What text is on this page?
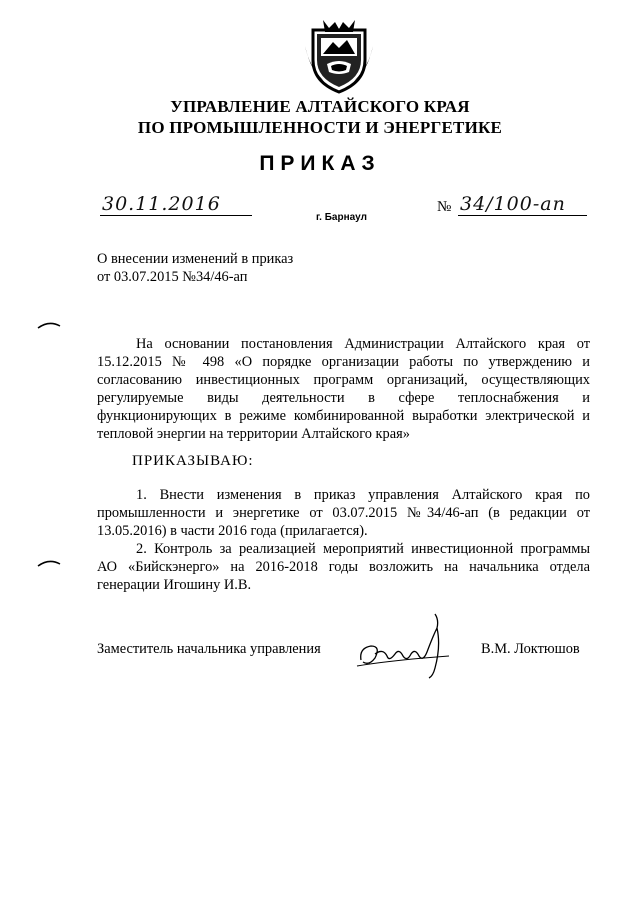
УПРАВЛЕНИЕ АЛТАЙСКОГО КРАЯ
ПО ПРОМЫШЛЕННОСТИ И ЭНЕРГЕТИКЕ
ПРИКАЗ
30.11.2016
г. Барнаул
№ 34/100-ап
О внесении изменений в приказ
от 03.07.2015 №34/46-ап

На основании постановления Администрации Алтайского края от 15.12.2015 № 498 «О порядке организации работы по утверждению и согласованию инвестиционных программ организаций, осуществляющих регулируемые виды деятельности в сфере теплоснабжения и функционирующих в режиме комбинированной выработки электрической и тепловой энергии на территории Алтайского края»

ПРИКАЗЫВАЮ:

1. Внести изменения в приказ управления Алтайского края по промышленности и энергетике от 03.07.2015 №34/46-ап (в редакции от 13.05.2016) в части 2016 года (прилагается).

2. Контроль за реализацией мероприятий инвестиционной программы АО «Бийскэнерго» на 2016-2018 годы возложить на начальника отдела генерации Игошину И.В.

Заместитель начальника управления	В.М. Локтюшов
